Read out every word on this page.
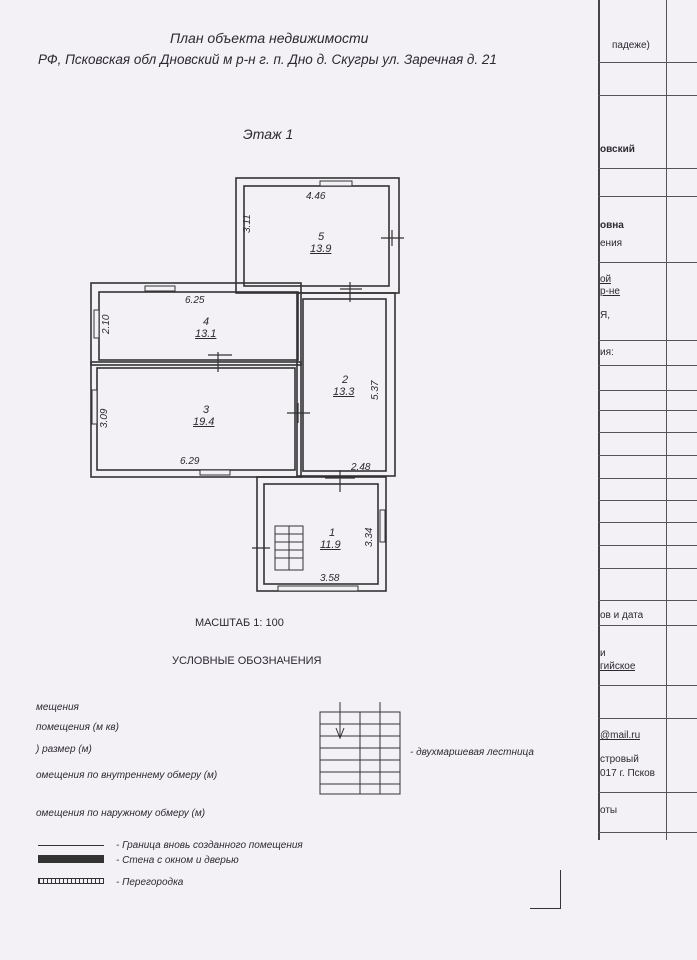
План объекта недвижимости
РФ, Псковская обл Дновский м р-н г. п. Дно д. Скугры ул. Заречная д. 21
Этаж 1
5
13.9
4
13.1
3
19.4
2
13.3
1
11.9
4.46
3.11
6.25
2.10
6.29
3.09
2.48
5.37
3.58
3.34
МАСШТАБ 1: 100
УСЛОВНЫЕ ОБОЗНАЧЕНИЯ
мещения
помещения (м кв)
) размер (м)
омещения по внутреннему обмеру (м)
омещения по наружному обмеру (м)
- двухмаршевая лестница
- Граница вновь созданного помещения
- Стена с окном и дверью
- Перегородка
падеже)
овский
овна
ения
ой
р-не
Я,
ия:
ов и дата
и
гийское
@mail.ru
стровый
017 г. Псков
оты
